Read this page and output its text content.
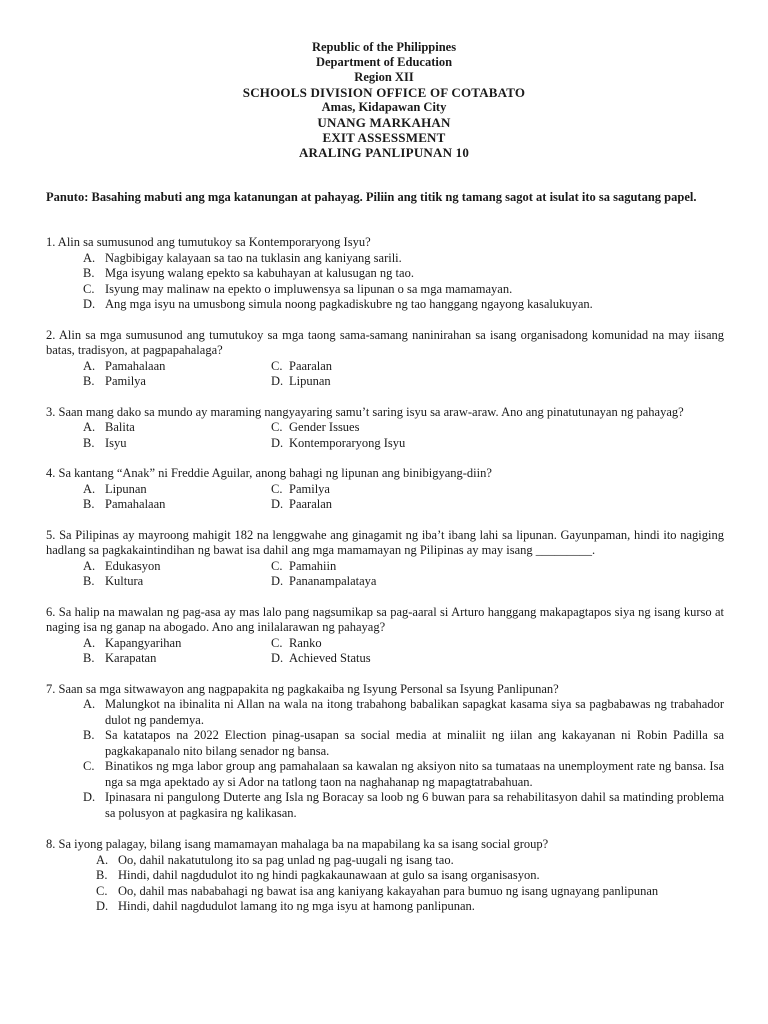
Republic of the Philippines
Department of Education
Region XII
SCHOOLS DIVISION OFFICE OF COTABATO
Amas, Kidapawan City
UNANG MARKAHAN
EXIT ASSESSMENT
ARALING PANLIPUNAN 10
Panuto: Basahing mabuti ang mga katanungan at pahayag. Piliin ang titik ng tamang sagot at isulat ito sa sagutang papel.
1. Alin sa sumusunod ang tumutukoy sa Kontemporaryong Isyu?
A. Nagbibigay kalayaan sa tao na tuklasin ang kaniyang sarili.
B. Mga isyung walang epekto sa kabuhayan at kalusugan ng tao.
C. Isyung may malinaw na epekto o impluwensya sa lipunan o sa mga mamamayan.
D. Ang mga isyu na umusbong simula noong pagkadiskubre ng tao hanggang ngayong kasalukuyan.
2. Alin sa mga sumusunod ang tumutukoy sa mga taong sama-samang naninirahan sa isang organisadong komunidad na may iisang batas, tradisyon, at pagpapahalaga?
A. Pamahalaan	C. Paaralan
B. Pamilya	D. Lipunan
3. Saan mang dako sa mundo ay maraming nangyayaring samu’t saring isyu sa araw-araw. Ano ang pinatutunayan ng pahayag?
A. Balita	C. Gender Issues
B. Isyu	D. Kontemporaryong Isyu
4. Sa kantang “Anak” ni Freddie Aguilar, anong bahagi ng lipunan ang binibigyang-diin?
A. Lipunan	C. Pamilya
B. Pamahalaan	D. Paaralan
5. Sa Pilipinas ay mayroong mahigit 182 na lenggwahe ang ginagamit ng iba’t ibang lahi sa lipunan. Gayunpaman, hindi ito nagiging hadlang sa pagkakaintindihan ng bawat isa dahil ang mga mamamayan ng Pilipinas ay may isang _________.
A. Edukasyon	C. Pamahiin
B. Kultura	D. Pananampalataya
6. Sa halip na mawalan ng pag-asa ay mas lalo pang nagsumikap sa pag-aaral si Arturo hanggang makapagtapos siya ng isang kurso at naging isa ng ganap na abogado. Ano ang inilalarawan ng pahayag?
A. Kapangyarihan	C. Ranko
B. Karapatan	D. Achieved Status
7. Saan sa mga sitwawayon ang nagpapakita ng pagkakaiba ng Isyung Personal sa Isyung Panlipunan?
A. Malungkot na ibinalita ni Allan na wala na itong trabahong babalikan sapagkat kasama siya sa pagbabawas ng trabahador dulot ng pandemya.
B. Sa katatapos na 2022 Election pinag-usapan sa social media at minaliit ng iilan ang kakayanan ni Robin Padilla sa pagkakapanalo nito bilang senador ng bansa.
C. Binatikos ng mga labor group ang pamahalaan sa kawalan ng aksiyon nito sa tumataas na unemployment rate ng bansa. Isa nga sa mga apektado ay si Ador na tatlong taon na naghahanap ng mapagtatrabahuan.
D. Ipinasara ni pangulong Duterte ang Isla ng Boracay sa loob ng 6 buwan para sa rehabilitasyon dahil sa matinding problema sa polusyon at pagkasira ng kalikasan.
8. Sa iyong palagay, bilang isang mamamayan mahalaga ba na mapabilang ka sa isang social group?
A. Oo, dahil nakatutulong ito sa pag unlad ng pag-uugali ng isang tao.
B. Hindi, dahil nagdudulot ito ng hindi pagkakaunawaan at gulo sa isang organisasyon.
C. Oo, dahil mas nababahagi ng bawat isa ang kaniyang kakayahan para bumuo ng isang ugnayang panlipunan
D. Hindi, dahil nagdudulot lamang ito ng mga isyu at hamong panlipunan.
